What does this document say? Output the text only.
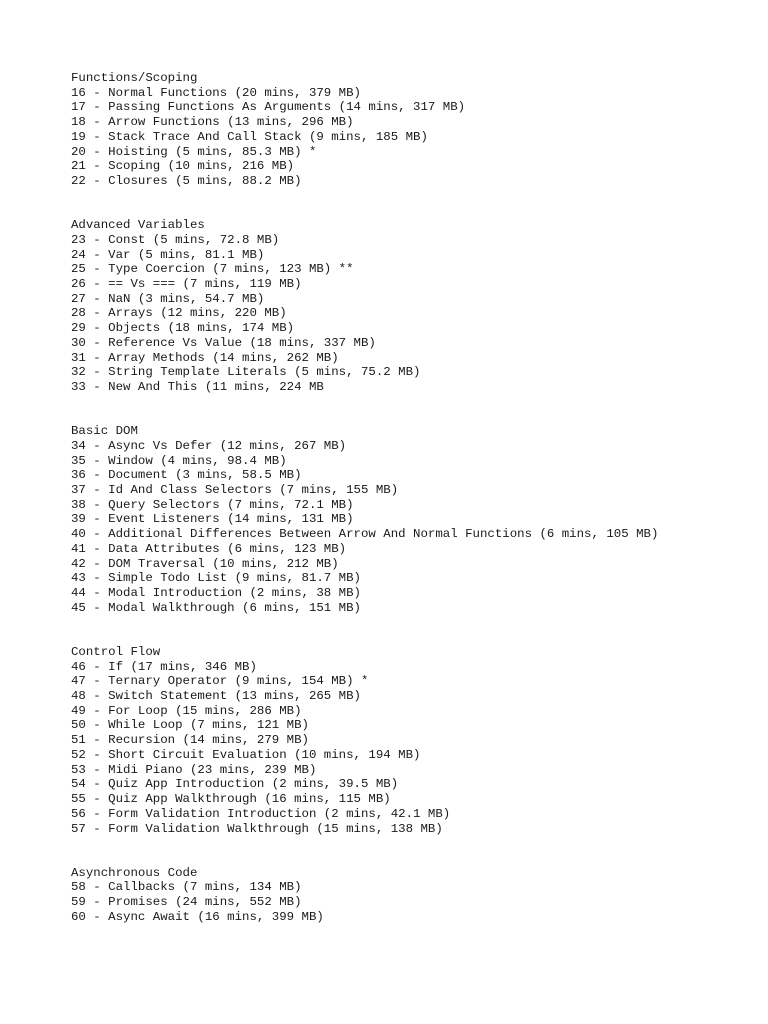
Functions/Scoping
16 - Normal Functions (20 mins, 379 MB)
17 - Passing Functions As Arguments (14 mins, 317 MB)
18 - Arrow Functions (13 mins, 296 MB)
19 - Stack Trace And Call Stack (9 mins, 185 MB)
20 - Hoisting (5 mins, 85.3 MB) *
21 - Scoping (10 mins, 216 MB)
22 - Closures (5 mins, 88.2 MB)
Advanced Variables
23 - Const (5 mins, 72.8 MB)
24 - Var (5 mins, 81.1 MB)
25 - Type Coercion (7 mins, 123 MB) **
26 - == Vs === (7 mins, 119 MB)
27 - NaN (3 mins, 54.7 MB)
28 - Arrays (12 mins, 220 MB)
29 - Objects (18 mins, 174 MB)
30 - Reference Vs Value (18 mins, 337 MB)
31 - Array Methods (14 mins, 262 MB)
32 - String Template Literals (5 mins, 75.2 MB)
33 - New And This (11 mins, 224 MB
Basic DOM
34 - Async Vs Defer (12 mins, 267 MB)
35 - Window (4 mins, 98.4 MB)
36 - Document (3 mins, 58.5 MB)
37 - Id And Class Selectors (7 mins, 155 MB)
38 - Query Selectors (7 mins, 72.1 MB)
39 - Event Listeners (14 mins, 131 MB)
40 - Additional Differences Between Arrow And Normal Functions (6 mins, 105 MB)
41 - Data Attributes (6 mins, 123 MB)
42 - DOM Traversal (10 mins, 212 MB)
43 - Simple Todo List (9 mins, 81.7 MB)
44 - Modal Introduction (2 mins, 38 MB)
45 - Modal Walkthrough (6 mins, 151 MB)
Control Flow
46 - If (17 mins, 346 MB)
47 - Ternary Operator (9 mins, 154 MB) *
48 - Switch Statement (13 mins, 265 MB)
49 - For Loop (15 mins, 286 MB)
50 - While Loop (7 mins, 121 MB)
51 - Recursion (14 mins, 279 MB)
52 - Short Circuit Evaluation (10 mins, 194 MB)
53 - Midi Piano (23 mins, 239 MB)
54 - Quiz App Introduction (2 mins, 39.5 MB)
55 - Quiz App Walkthrough (16 mins, 115 MB)
56 - Form Validation Introduction (2 mins, 42.1 MB)
57 - Form Validation Walkthrough (15 mins, 138 MB)
Asynchronous Code
58 - Callbacks (7 mins, 134 MB)
59 - Promises (24 mins, 552 MB)
60 - Async Await (16 mins, 399 MB)
